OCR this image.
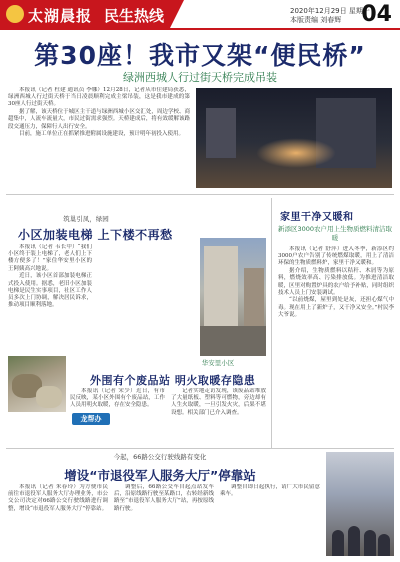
太湖晨报 民生热线	2020年12月29日 星期一
本版责编 刘春辉 04
第30座！我市又架“便民桥”
绿洲西城人行过街天桥完成吊装

本报讯（记者 杜建 通讯员 李娜）12月28日，记者从市住建局获悉，绿洲西城人行过街天桥于当日凌晨顺利完成主梁吊装，这是我市建成的第30座人行过街天桥。

据了解，该天桥位于城区主干道与绿洲西城小区交汇处，周边学校、商超集中，人流车流量大，市民过街需求强烈。天桥建成后，将有效缓解该路段交通压力，保障行人出行安全。

目前，施工单位正在抓紧推进附属设施建设，预计明年初投入使用。

筑巢引凤，绿园
小区加装电梯 上下楼不再愁

本报讯（记者 韦长中）“我们小区终于装上电梯了，老人们上下楼方便多了！”家住华安里小区的王阿姨高兴地说。

近日，该小区首部加装电梯正式投入使用。据悉，老旧小区加装电梯是民生实事项目，社区工作人员多次上门协调，解决居民诉求，推动项目顺利落地。

华安里小区
外围有个废品站 明火取暖存隐患

本报讯（记者 宋少）近日，有市民反映，某小区外围有个废品站，工作人员用明火取暖，存在安全隐患。

记者实地走访发现，该废品站堆放了大量纸板、塑料等可燃物，旁边却有人生火取暖，一旦引发火灾，后果不堪设想。相关部门已介入调查。

龙帮办
家里干净又暖和
新添区3000农户用上生物质燃料清洁取暖

本报讯（记者 舒萍）进入冬季，新添区约3000户农户告别了传统燃煤取暖，用上了清洁环保的生物质燃料炉，家里干净又暖和。

据介绍，生物质燃料以秸秆、木屑等为原料，燃烧效率高、污染排放低。为推进清洁取暖，区里对购置炉具的农户给予补贴，同时组织技术人员上门安装调试。

“以前烧煤，屋里到处是灰，还担心煤气中毒。现在用上了新炉子，又干净又安全。”村民李大爷说。

今起，66路公交行驶线路有变化
增设“市退役军人服务大厅”停靠站

本报讯（记者 朱春玲）为方便市民前往市退役军人服务大厅办理业务，市公交公司决定对66路公交行驶线路进行调整，增设“市退役军人服务大厅”停靠站。

调整后，66路公交车自起点站发车后，沿原线路行驶至某路口，右转经新线路至“市退役军人服务大厅”站，再按原线路行驶。

调整自即日起执行，请广大市民留意乘车。
